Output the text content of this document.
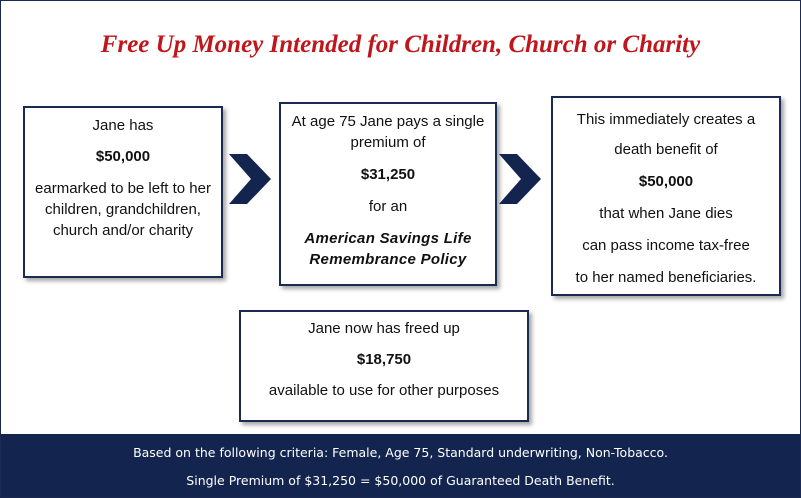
Free Up Money Intended for Children, Church or Charity

Jane has

$50,000

earmarked to be left to her children, grandchildren, church and/or charity

At age 75 Jane pays a single premium of

$31,250

for an

American Savings Life Remembrance Policy

This immediately creates a death benefit of

$50,000

that when Jane dies

can pass income tax-free

to her named beneficiaries.

Jane now has freed up

$18,750

available to use for other purposes

Based on the following criteria: Female, Age 75, Standard underwriting, Non-Tobacco.

Single Premium of $31,250 = $50,000 of Guaranteed Death Benefit.
